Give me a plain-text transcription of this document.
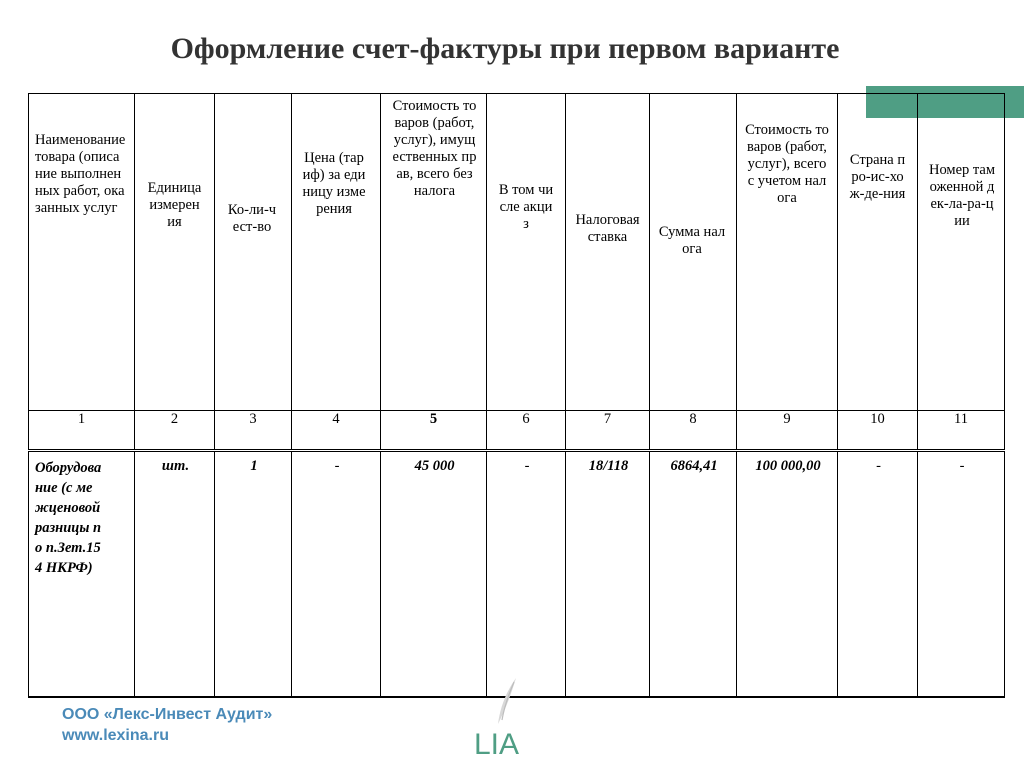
Оформление счет-фактуры при первом варианте
Наименование товара (описание выполненных работ, оказанных услуг	Единица измерения	Ко-ли-чест-во	Цена (тариф) за единицу измерения	Стоимость товаров (работ, услуг), имущественных прав, всего без налога	В том числе акциз	Налоговая ставка	Сумма налога	Стоимость товаров (работ, услуг), всего с учетом налога	Страна про-ис-хож-де-ния	Номер таможенной дек-ла-ра-ции

1	2	3	4	5	6	7	8	9	10	11

Оборудование (с межценовой разницы по п.Зет.154 НКРФ)	шт.	1	-	45 000	-	18/118	6864,41	100 000,00	-	-
ООО «Лекс-Инвест Аудит»
www.lexina.ru	LIA
